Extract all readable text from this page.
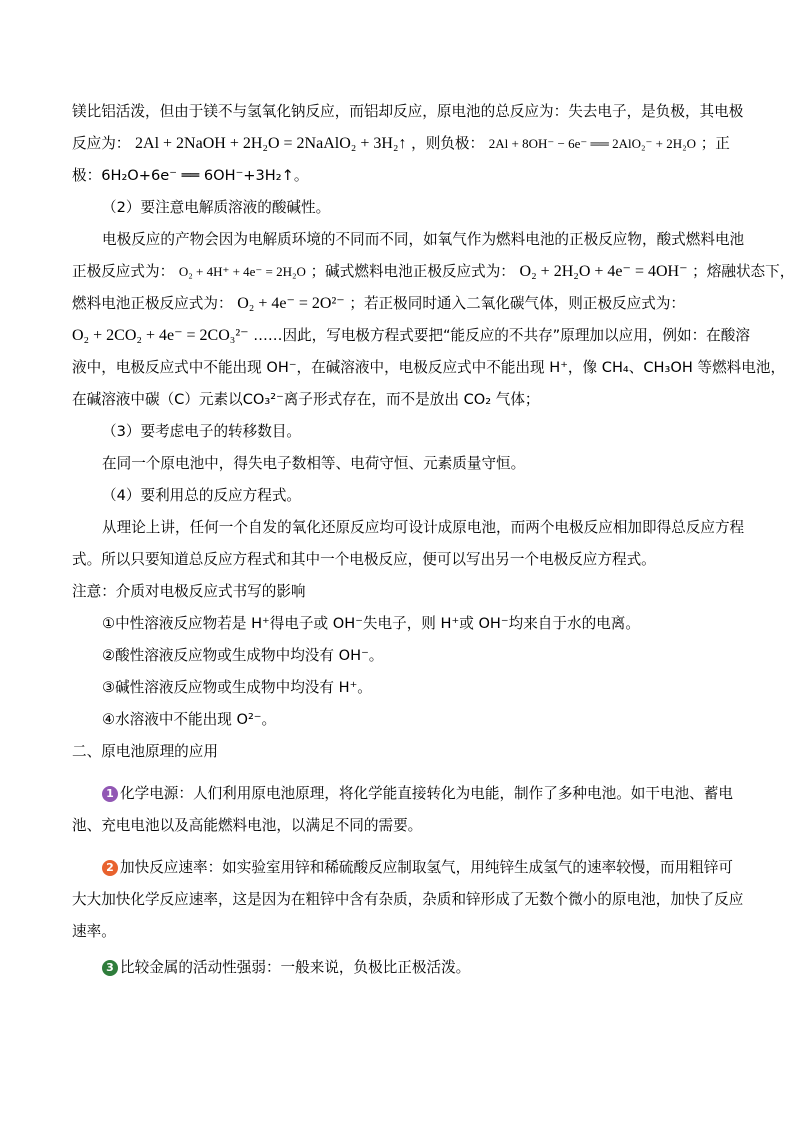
镁比铝活泼，但由于镁不与氢氧化钠反应，而铝却反应，原电池的总反应为：失去电子，是负极，其电极
反应为： 2Al + 2NaOH + 2H₂O = 2NaAlO₂ + 3H₂↑ ，则负极： 2Al + 8OH⁻ − 6e⁻ ══ 2AlO₂⁻ + 2H₂O ；正
极：6H₂O+6e⁻ ══ 6OH⁻+3H₂↑。
（2）要注意电解质溶液的酸碱性。
电极反应的产物会因为电解质环境的不同而不同，如氧气作为燃料电池的正极反应物，酸式燃料电池
正极反应式为： O₂ + 4H⁺ + 4e⁻ = 2H₂O ；碱式燃料电池正极反应式为： O₂ + 2H₂O + 4e⁻ = 4OH⁻ ；熔融状态下，
燃料电池正极反应式为： O₂ + 4e⁻ = 2O²⁻ ；若正极同时通入二氧化碳气体，则正极反应式为：
O₂ + 2CO₂ + 4e⁻ = 2CO₃²⁻ ……因此，写电极方程式要把“能反应的不共存”原理加以应用，例如：在酸溶
液中，电极反应式中不能出现 OH⁻，在碱溶液中，电极反应式中不能出现 H⁺，像 CH₄、CH₃OH 等燃料电池，
在碱溶液中碳（C）元素以CO₃²⁻离子形式存在，而不是放出 CO₂ 气体；
（3）要考虑电子的转移数目。
在同一个原电池中，得失电子数相等、电荷守恒、元素质量守恒。
（4）要利用总的反应方程式。
从理论上讲，任何一个自发的氧化还原反应均可设计成原电池，而两个电极反应相加即得总反应方程
式。所以只要知道总反应方程式和其中一个电极反应，便可以写出另一个电极反应方程式。
注意：介质对电极反应式书写的影响
①中性溶液反应物若是 H⁺得电子或 OH⁻失电子，则 H⁺或 OH⁻均来自于水的电离。
②酸性溶液反应物或生成物中均没有 OH⁻。
③碱性溶液反应物或生成物中均没有 H⁺。
④水溶液中不能出现 O²⁻。
二、原电池原理的应用
1 化学电源：人们利用原电池原理，将化学能直接转化为电能，制作了多种电池。如干电池、蓄电
池、充电电池以及高能燃料电池，以满足不同的需要。
2 加快反应速率：如实验室用锌和稀硫酸反应制取氢气，用纯锌生成氢气的速率较慢，而用粗锌可
大大加快化学反应速率，这是因为在粗锌中含有杂质，杂质和锌形成了无数个微小的原电池，加快了反应
速率。
3 比较金属的活动性强弱：一般来说，负极比正极活泼。
